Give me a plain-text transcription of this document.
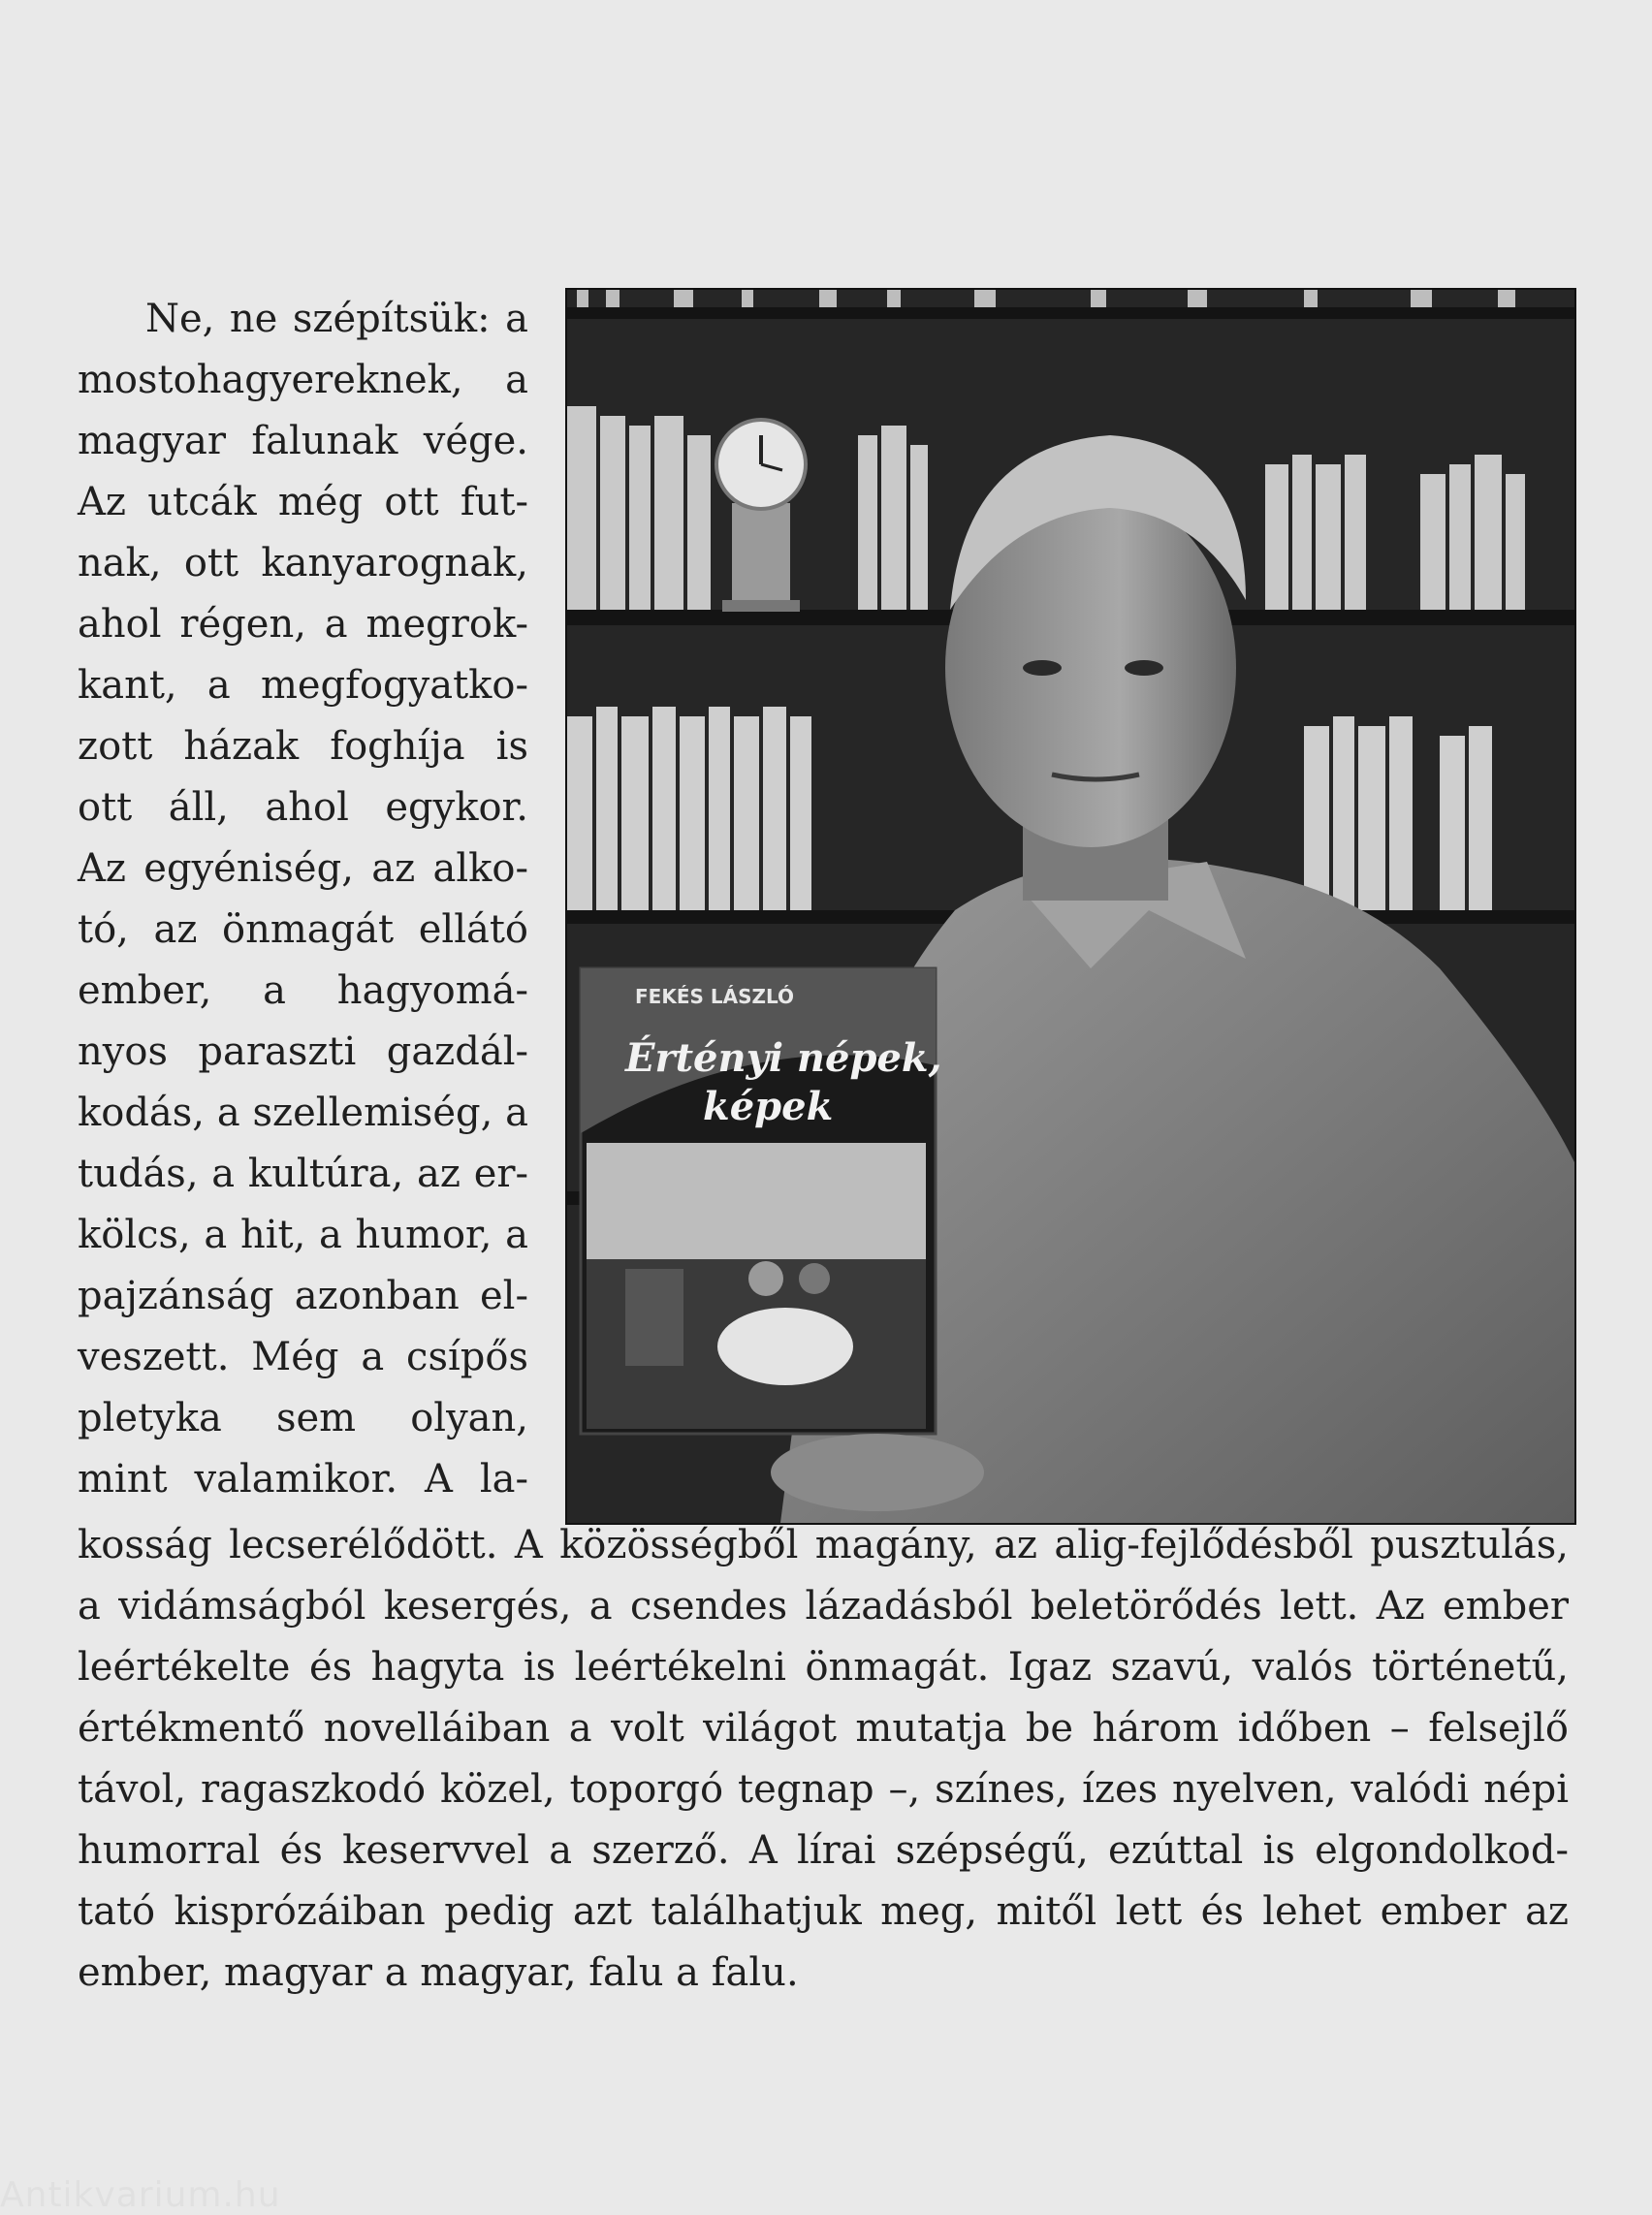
Ne, ne szépítsük: a
mostohagyereknek, a
magyar falunak vége.
Az utcák még ott fut-
nak, ott kanyarognak,
ahol régen, a megrok-
kant, a megfogyatko-
zott házak foghíja is
ott áll, ahol egykor.
Az egyéniség, az alko-
tó, az önmagát ellátó
ember, a hagyomá-
nyos paraszti gazdál-
kodás, a szellemiség, a
tudás, a kultúra, az er-
kölcs, a hit, a humor, a
pajzánság azonban el-
veszett. Még a csípős
pletyka sem olyan,
mint valamikor. A la-
FEKÉS LÁSZLÓ
Értényi népek,
képek
kosság lecserélődött. A közösségből magány, az alig-fejlődésből pusztulás,
a vidámságból kesergés, a csendes lázadásból beletörődés lett. Az ember
leértékelte és hagyta is leértékelni önmagát. Igaz szavú, valós történetű,
értékmentő novelláiban a volt világot mutatja be három időben – felsejlő
távol, ragaszkodó közel, toporgó tegnap –, színes, ízes nyelven, valódi népi
humorral és keservvel a szerző. A lírai szépségű, ezúttal is elgondolkod-
tató kisprózáiban pedig azt találhatjuk meg, mitől lett és lehet ember az
ember, magyar a magyar, falu a falu.
Antikvarium.hu
